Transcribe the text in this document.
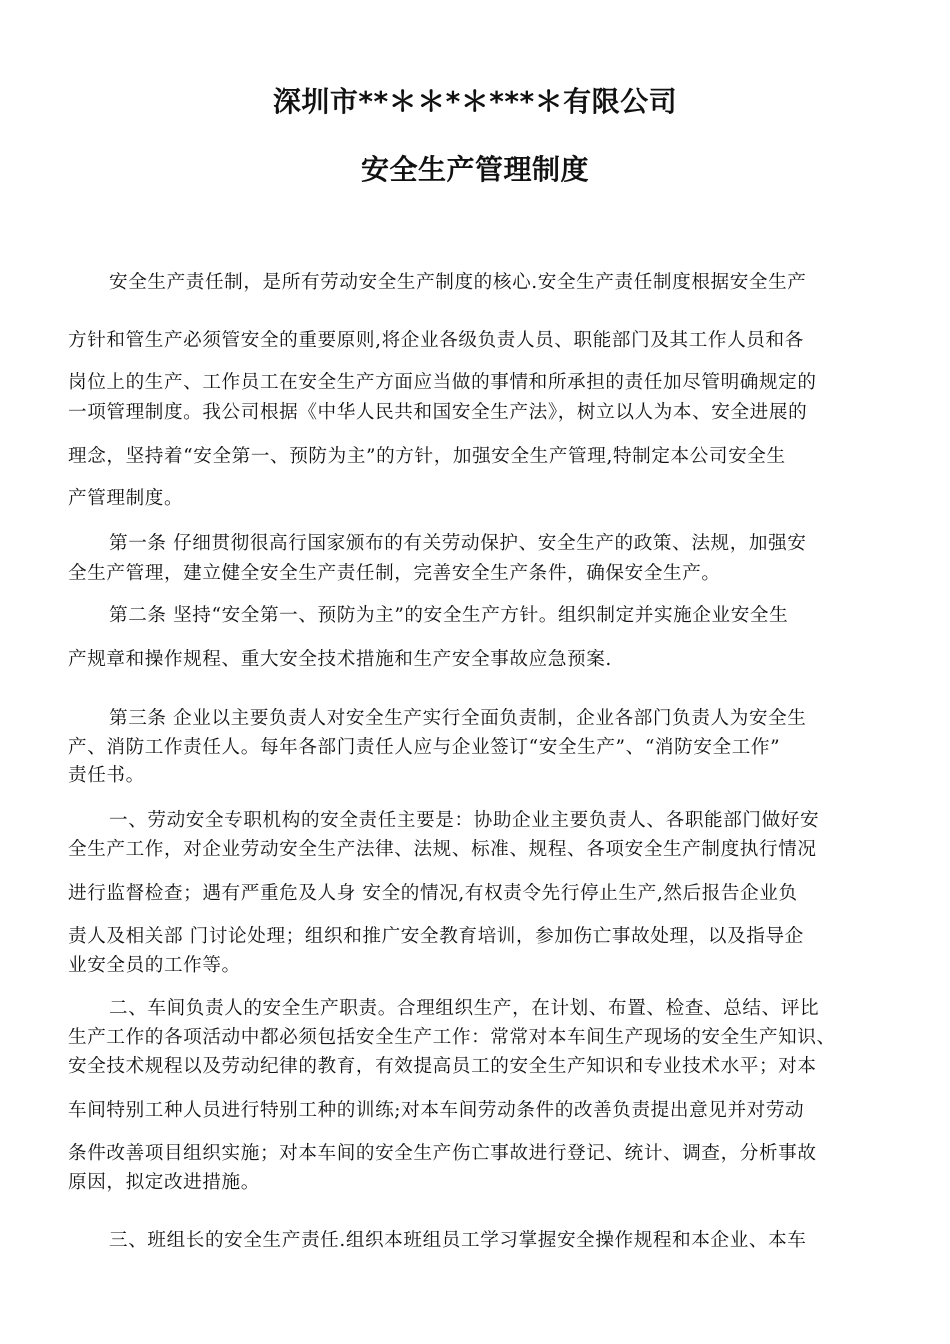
深圳市**＊＊*＊***＊有限公司
安全生产管理制度
安全生产责任制，是所有劳动安全生产制度的核心.安全生产责任制度根据安全生产
方针和管生产必须管安全的重要原则,将企业各级负责人员、职能部门及其工作人员和各
岗位上的生产、工作员工在安全生产方面应当做的事情和所承担的责任加尽管明确规定的
一项管理制度。我公司根据《中华人民共和国安全生产法》，树立以人为本、安全进展的
理念，坚持着“安全第一、预防为主”的方针，加强安全生产管理,特制定本公司安全生
产管理制度。
第一条 仔细贯彻很高行国家颁布的有关劳动保护、安全生产的政策、法规，加强安
全生产管理，建立健全安全生产责任制，完善安全生产条件，确保安全生产。
第二条 坚持“安全第一、预防为主”的安全生产方针。组织制定并实施企业安全生
产规章和操作规程、重大安全技术措施和生产安全事故应急预案.
第三条 企业以主要负责人对安全生产实行全面负责制，企业各部门负责人为安全生
产、消防工作责任人。每年各部门责任人应与企业签订“安全生产”、“消防安全工作”
责任书。
一、劳动安全专职机构的安全责任主要是：协助企业主要负责人、各职能部门做好安
全生产工作，对企业劳动安全生产法律、法规、标准、规程、各项安全生产制度执行情况
进行监督检查；遇有严重危及人身 安全的情况,有权责令先行停止生产,然后报告企业负
责人及相关部 门讨论处理；组织和推广安全教育培训，参加伤亡事故处理，以及指导企
业安全员的工作等。
二、车间负责人的安全生产职责。合理组织生产，在计划、布置、检查、总结、评比
生产工作的各项活动中都必须包括安全生产工作：常常对本车间生产现场的安全生产知识、
安全技术规程以及劳动纪律的教育，有效提高员工的安全生产知识和专业技术水平；对本
车间特别工种人员进行特别工种的训练;对本车间劳动条件的改善负责提出意见并对劳动
条件改善项目组织实施；对本车间的安全生产伤亡事故进行登记、统计、调查，分析事故
原因，拟定改进措施。
三、班组长的安全生产责任.组织本班组员工学习掌握安全操作规程和本企业、本车
